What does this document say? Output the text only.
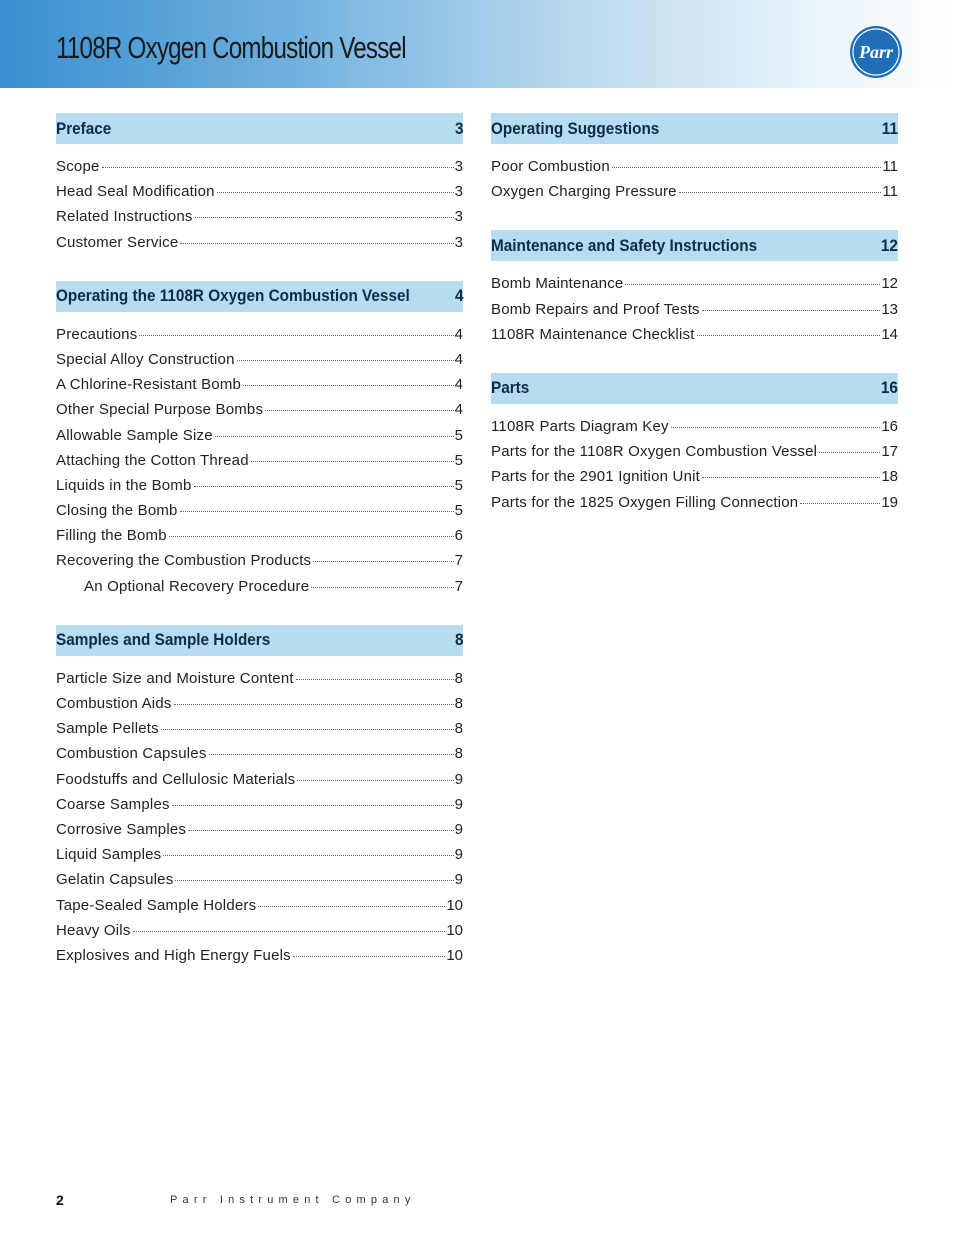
1108R Oxygen Combustion Vessel	Parr
Preface	3
Scope	3
Head Seal Modification	3
Related Instructions	3
Customer Service	3
Operating the 1108R Oxygen Combustion Vessel	4
Precautions	4
Special Alloy Construction	4
A Chlorine-Resistant Bomb	4
Other Special Purpose Bombs	4
Allowable Sample Size	5
Attaching the Cotton Thread	5
Liquids in the Bomb	5
Closing the Bomb	5
Filling the Bomb	6
Recovering the Combustion Products	7
An Optional Recovery Procedure	7
Samples and Sample Holders	8
Particle Size and Moisture Content	8
Combustion Aids	8
Sample Pellets	8
Combustion Capsules	8
Foodstuffs and Cellulosic Materials	9
Coarse Samples	9
Corrosive Samples	9
Liquid Samples	9
Gelatin Capsules	9
Tape-Sealed Sample Holders	10
Heavy Oils	10
Explosives and High Energy Fuels	10
Operating Suggestions	11
Poor Combustion	11
Oxygen Charging Pressure	11
Maintenance and Safety Instructions	12
Bomb Maintenance	12
Bomb Repairs and Proof Tests	13
1108R Maintenance Checklist	14
Parts	16
1108R Parts Diagram Key	16
Parts for the 1108R Oxygen Combustion Vessel	17
Parts for the 2901 Ignition Unit	18
Parts for the 1825 Oxygen Filling Connection	19
2	Parr Instrument Company
